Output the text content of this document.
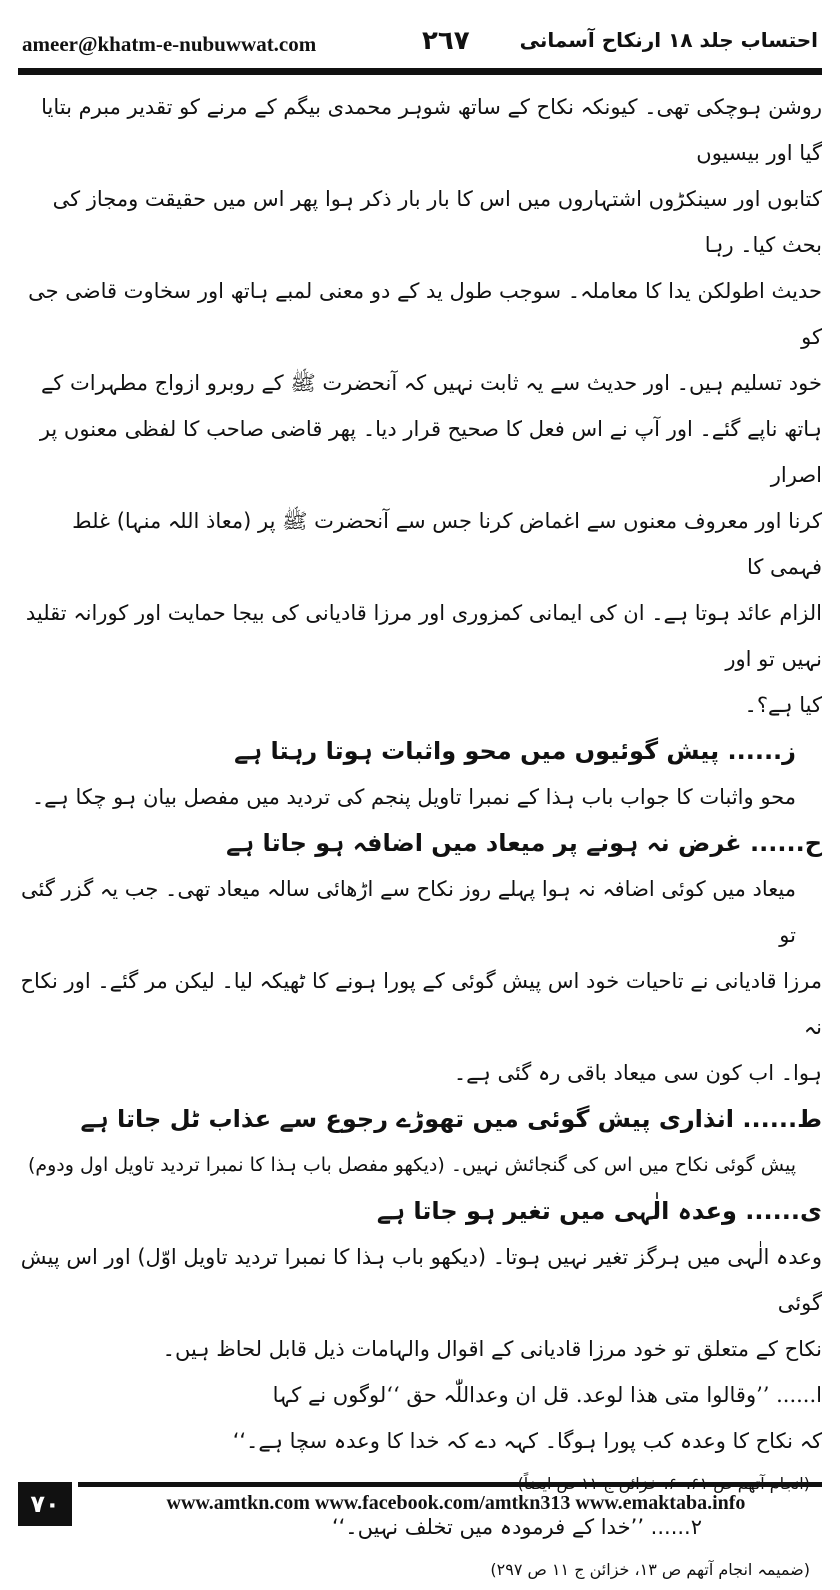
ameer@khatm-e-nubuwwat.com	٢٦٧ احتساب جلد ١٨ ارنکاح آسمانی

روشن ہوچکی تھی۔ کیونکہ نکاح کے ساتھ شوہر محمدی بیگم کے مرنے کو تقدیر مبرم بتایا گیا اور بیسیوں

کتابوں اور سینکڑوں اشتہاروں میں اس کا بار بار ذکر ہوا پھر اس میں حقیقت ومجاز کی بحث کیا۔ رہا

حدیث اطولکن یدا کا معاملہ۔ سوجب طول ید کے دو معنی لمبے ہاتھ اور سخاوت قاضی جی کو

خود تسلیم ہیں۔ اور حدیث سے یہ ثابت نہیں کہ آنحضرت ﷺ کے روبرو ازواج مطہرات کے

ہاتھ ناپے گئے۔ اور آپ نے اس فعل کا صحیح قرار دیا۔ پھر قاضی صاحب کا لفظی معنوں پر اصرار

کرنا اور معروف معنوں سے اغماض کرنا جس سے آنحضرت ﷺ پر (معاذ اللہ منہا) غلط فہمی کا

الزام عائد ہوتا ہے۔ ان کی ایمانی کمزوری اور مرزا قادیانی کی بیجا حمایت اور کورانہ تقلید نہیں تو اور

کیا ہے؟۔

ز...... پیش گوئیوں میں محو واثبات ہوتا رہتا ہے

محو واثبات کا جواب باب ہذا کے نمبرا تاویل پنجم کی تردید میں مفصل بیان ہو چکا ہے۔

ح...... غرض نہ ہونے پر میعاد میں اضافہ ہو جاتا ہے

میعاد میں کوئی اضافہ نہ ہوا پہلے روز نکاح سے اڑھائی سالہ میعاد تھی۔ جب یہ گزر گئی تو

مرزا قادیانی نے تاحیات خود اس پیش گوئی کے پورا ہونے کا ٹھیکہ لیا۔ لیکن مر گئے۔ اور نکاح نہ

ہوا۔ اب کون سی میعاد باقی رہ گئی ہے۔

ط...... انذاری پیش گوئی میں تھوڑے رجوع سے عذاب ٹل جاتا ہے

پیش گوئی نکاح میں اس کی گنجائش نہیں۔ (دیکھو مفصل باب ہذا کا نمبرا تردید تاویل اول ودوم)

ی...... وعدہ الٰہی میں تغیر ہو جاتا ہے

وعدہ الٰہی میں ہرگز تغیر نہیں ہوتا۔ (دیکھو باب ہذا کا نمبرا تردید تاویل اوّل) اور اس پیش گوئی

نکاح کے متعلق تو خود مرزا قادیانی کے اقوال والہامات ذیل قابل لحاظ ہیں۔

ا...... ’’وقالوا متی ھذا لوعد. قل ان وعداللّٰہ حق ‘‘لوگوں نے کہا

کہ نکاح کا وعدہ کب پورا ہوگا۔ کہہ دے کہ خدا کا وعدہ سچا ہے۔‘‘

(انجام آتھم ص ۶۰،۶۱، خزائن ج ۱۱ ص ایضاً)

۲...... ’’خدا کے فرمودہ میں تخلف نہیں۔‘‘

(ضمیمہ انجام آتھم ص ۱۳، خزائن ج ۱۱ ص ۲۹۷)

٧٠	www.amtkn.com www.facebook.com/amtkn313 www.emaktaba.info
